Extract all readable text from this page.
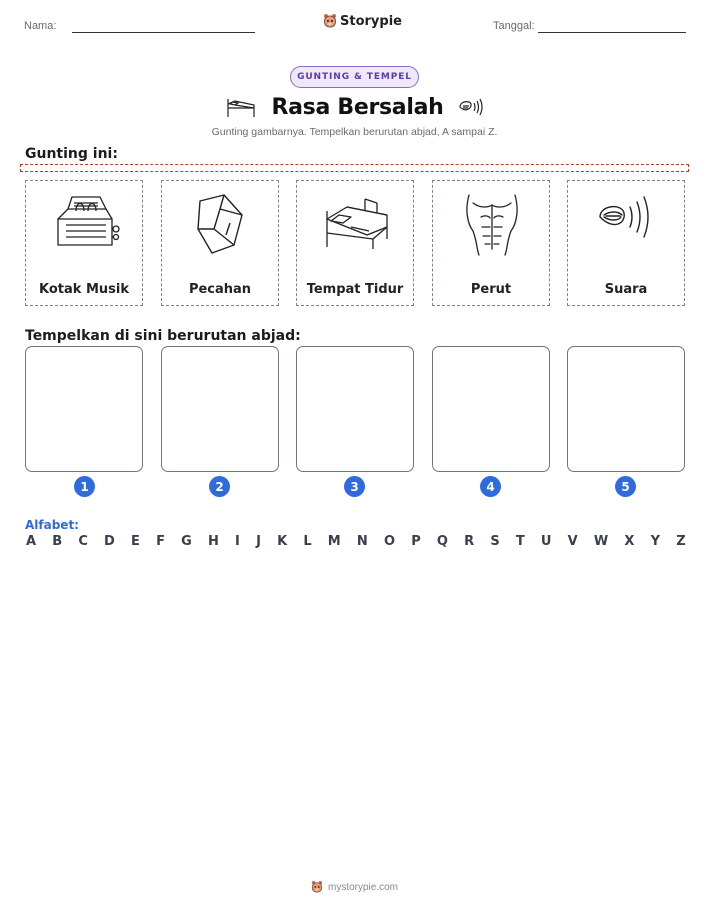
Nama:	Storypie	Tanggal:
GUNTING & TEMPEL
Rasa Bersalah
Gunting gambarnya. Tempelkan berurutan abjad, A sampai Z.
Gunting ini:
Kotak Musik	Pecahan	Tempat Tidur	Perut	Suara
Tempelkan di sini berurutan abjad:
1	2	3	4	5
Alfabet:
A B C D E F G H I J K L M N O P Q R S T U V W X Y Z
mystorypie.com
